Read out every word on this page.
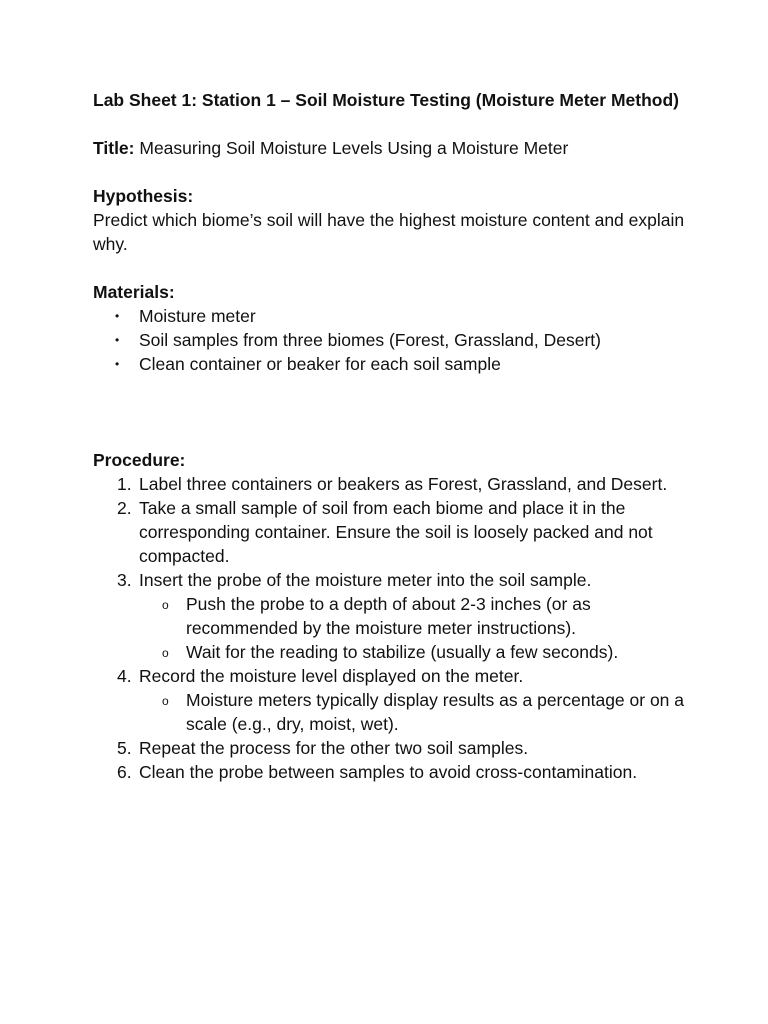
Lab Sheet 1: Station 1 – Soil Moisture Testing (Moisture Meter Method)

Title: Measuring Soil Moisture Levels Using a Moisture Meter

Hypothesis:

Predict which biome’s soil will have the highest moisture content and explain why.

Materials:

• Moisture meter
• Soil samples from three biomes (Forest, Grassland, Desert)
• Clean container or beaker for each soil sample

Procedure:

1. Label three containers or beakers as Forest, Grassland, and Desert.
2. Take a small sample of soil from each biome and place it in the corresponding container. Ensure the soil is loosely packed and not compacted.
3. Insert the probe of the moisture meter into the soil sample.
o Push the probe to a depth of about 2-3 inches (or as recommended by the moisture meter instructions).
o Wait for the reading to stabilize (usually a few seconds).
4. Record the moisture level displayed on the meter.
o Moisture meters typically display results as a percentage or on a scale (e.g., dry, moist, wet).
5. Repeat the process for the other two soil samples.
6. Clean the probe between samples to avoid cross-contamination.
